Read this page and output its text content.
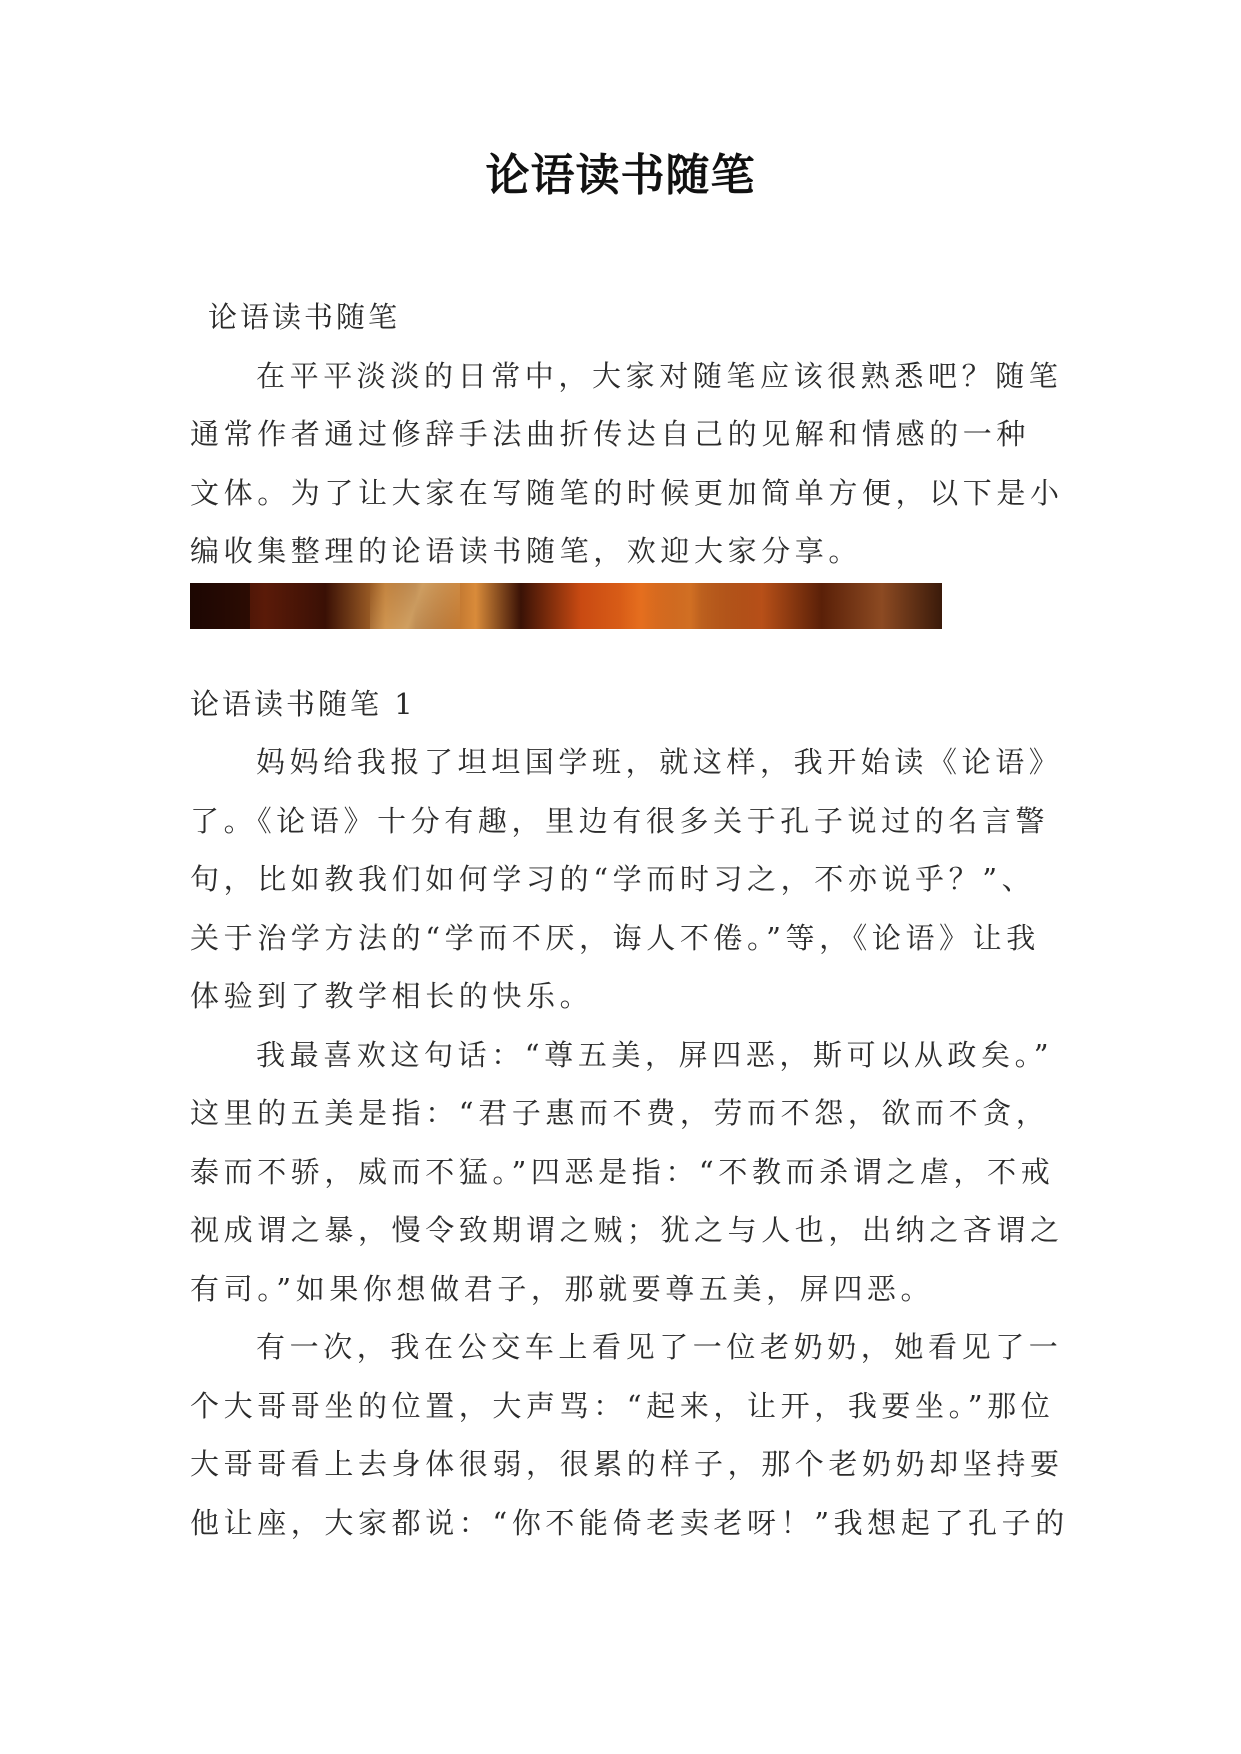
论语读书随笔
论语读书随笔
在平平淡淡的日常中，大家对随笔应该很熟悉吧？随笔
通常作者通过修辞手法曲折传达自己的见解和情感的一种
文体。为了让大家在写随笔的时候更加简单方便，以下是小
编收集整理的论语读书随笔，欢迎大家分享。
论语读书随笔 1
妈妈给我报了坦坦国学班，就这样，我开始读《论语》
了。《论语》十分有趣，里边有很多关于孔子说过的名言警
句，比如教我们如何学习的“学而时习之，不亦说乎？”、
关于治学方法的“学而不厌，诲人不倦。”等，《论语》让我
体验到了教学相长的快乐。
我最喜欢这句话：“尊五美，屏四恶，斯可以从政矣。”
这里的五美是指：“君子惠而不费，劳而不怨，欲而不贪，
泰而不骄，威而不猛。”四恶是指：“不教而杀谓之虐，不戒
视成谓之暴，慢令致期谓之贼；犹之与人也，出纳之吝谓之
有司。”如果你想做君子，那就要尊五美，屏四恶。
有一次，我在公交车上看见了一位老奶奶，她看见了一
个大哥哥坐的位置，大声骂：“起来，让开，我要坐。”那位
大哥哥看上去身体很弱，很累的样子，那个老奶奶却坚持要
他让座，大家都说：“你不能倚老卖老呀！”我想起了孔子的
